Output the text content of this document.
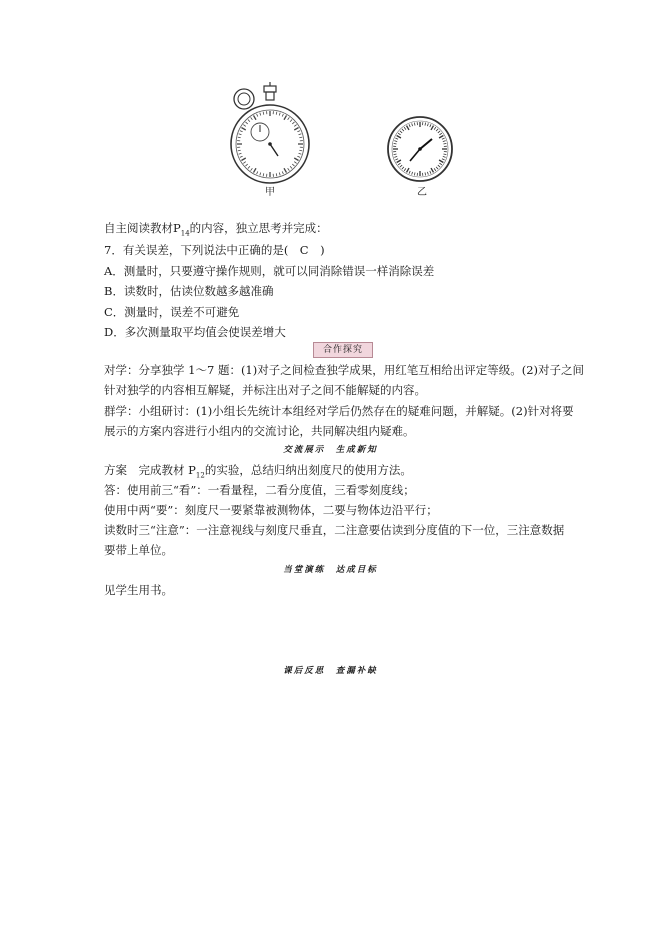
甲	乙
自主阅读教材$P_{14}$的内容，独立思考并完成：
7．有关误差，下列说法中正确的是(　C　)
A．测量时，只要遵守操作规则，就可以同消除错误一样消除误差
B．读数时，估读位数越多越准确
C．测量时，误差不可避免
D．多次测量取平均值会使误差增大
合作探究
对学：分享独学 1～7 题：(1)对子之间检查独学成果，用红笔互相给出评定等级。(2)对子之间
针对独学的内容相互解疑，并标注出对子之间不能解疑的内容。
群学：小组研讨：(1)小组长先统计本组经对学后仍然存在的疑难问题，并解疑。(2)针对将要
展示的方案内容进行小组内的交流讨论，共同解决组内疑难。
交流展示　生成新知
方案　完成教材 $P_{12}$的实验，总结归纳出刻度尺的使用方法。
答：使用前三“看”：一看量程，二看分度值，三看零刻度线；
使用中两“要”：刻度尺一要紧靠被测物体，二要与物体边沿平行；
读数时三“注意”：一注意视线与刻度尺垂直，二注意要估读到分度值的下一位，三注意数据
要带上单位。
当堂演练　达成目标
见学生用书。
课后反思　查漏补缺
